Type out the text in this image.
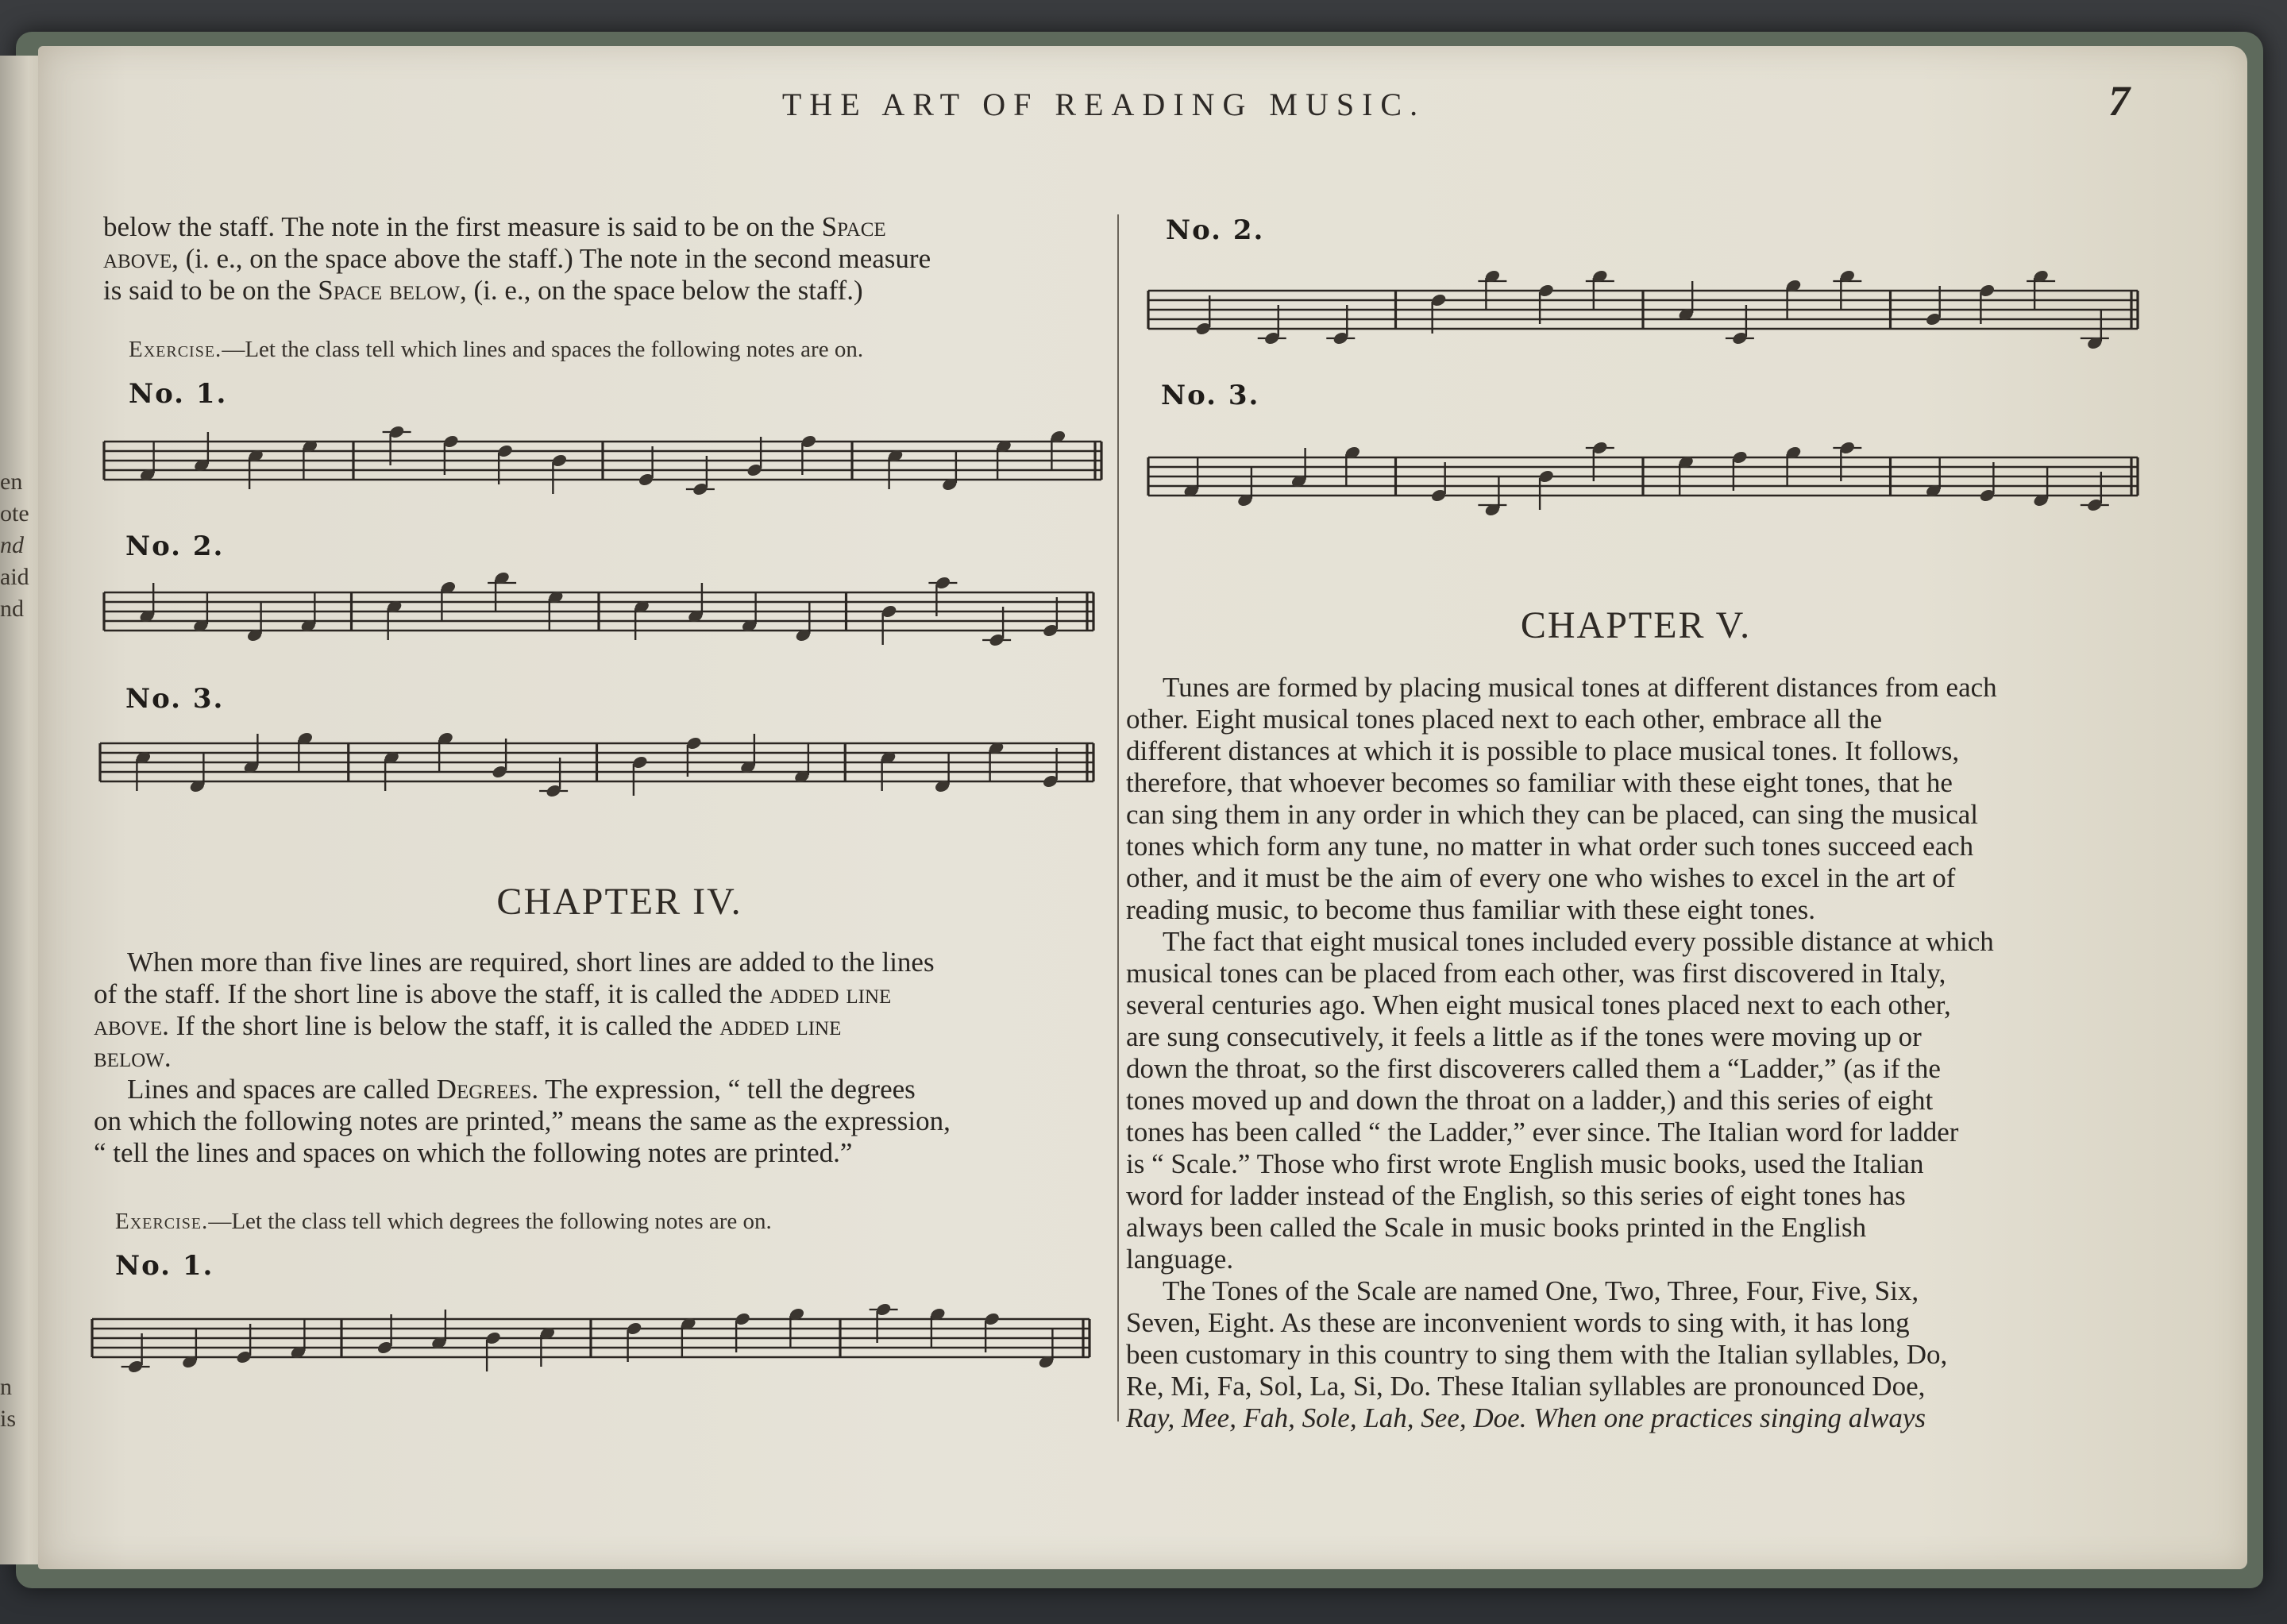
en
ote
nd
aid
nd
n
is
THE ART OF READING MUSIC.	7
below the staff. The note in the first measure is said to be on the Space
above, (i. e., on the space above the staff.) The note in the second measure
is said to be on the Space below, (i. e., on the space below the staff.)
Exercise.—Let the class tell which lines and spaces the following notes are on.
No. 1.
No. 2.
No. 3.
CHAPTER IV.
When more than five lines are required, short lines are added to the lines
of the staff. If the short line is above the staff, it is called the added line
above. If the short line is below the staff, it is called the added line
below.
Lines and spaces are called Degrees. The expression, “ tell the degrees
on which the following notes are printed,” means the same as the expression,
“ tell the lines and spaces on which the following notes are printed.”
Exercise.—Let the class tell which degrees the following notes are on.
No. 1.
No. 2.
No. 3.
CHAPTER V.
Tunes are formed by placing musical tones at different distances from each
other. Eight musical tones placed next to each other, embrace all the
different distances at which it is possible to place musical tones. It follows,
therefore, that whoever becomes so familiar with these eight tones, that he
can sing them in any order in which they can be placed, can sing the musical
tones which form any tune, no matter in what order such tones succeed each
other, and it must be the aim of every one who wishes to excel in the art of
reading music, to become thus familiar with these eight tones.
The fact that eight musical tones included every possible distance at which
musical tones can be placed from each other, was first discovered in Italy,
several centuries ago. When eight musical tones placed next to each other,
are sung consecutively, it feels a little as if the tones were moving up or
down the throat, so the first discoverers called them a “Ladder,” (as if the
tones moved up and down the throat on a ladder,) and this series of eight
tones has been called “ the Ladder,” ever since. The Italian word for ladder
is “ Scale.” Those who first wrote English music books, used the Italian
word for ladder instead of the English, so this series of eight tones has
always been called the Scale in music books printed in the English
language.
The Tones of the Scale are named One, Two, Three, Four, Five, Six,
Seven, Eight. As these are inconvenient words to sing with, it has long
been customary in this country to sing them with the Italian syllables, Do,
Re, Mi, Fa, Sol, La, Si, Do. These Italian syllables are pronounced Doe,
Ray, Mee, Fah, Sole, Lah, See, Doe. When one practices singing always
